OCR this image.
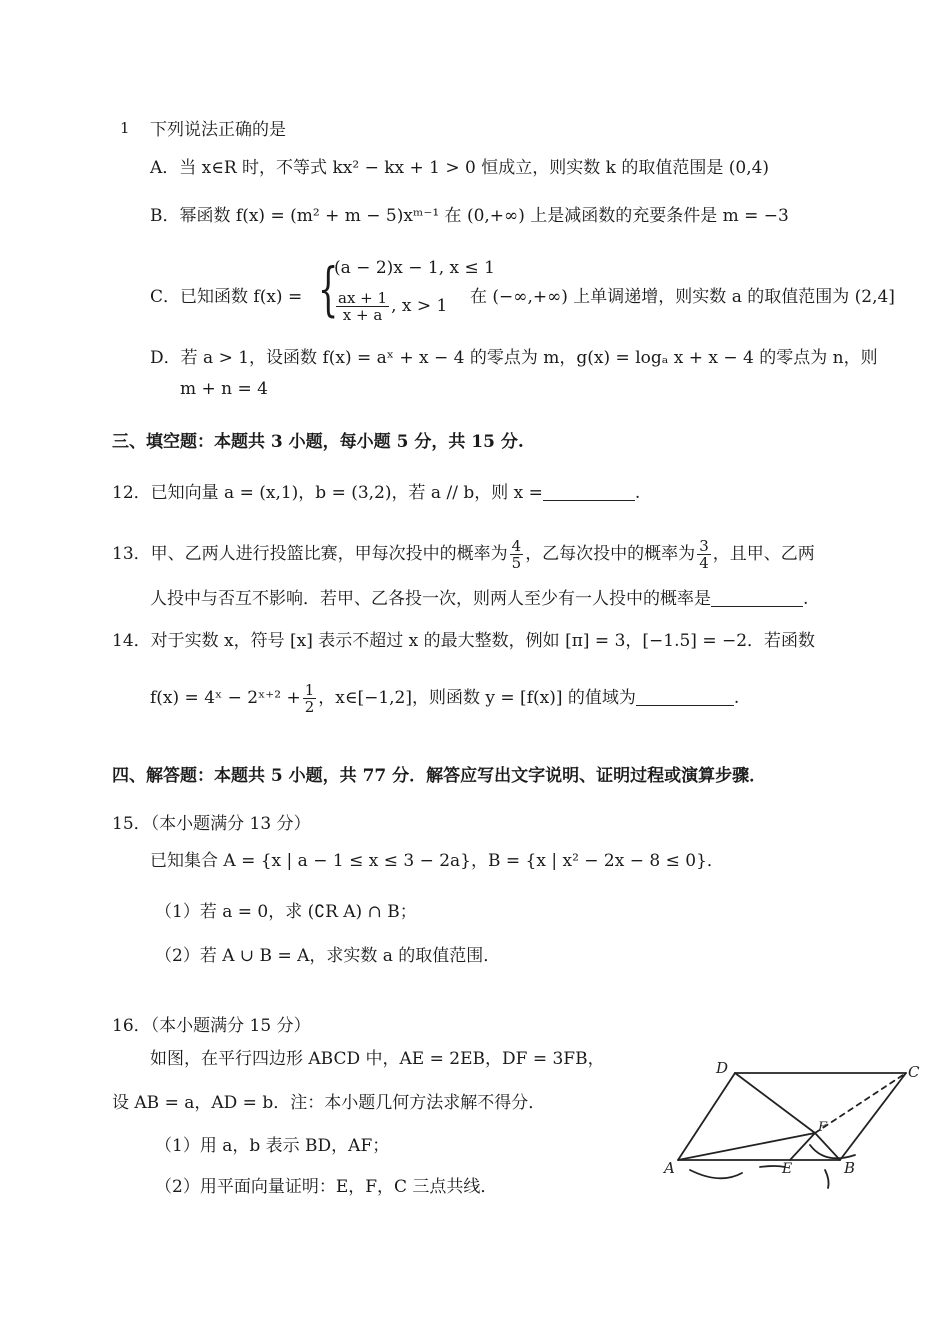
1 下列说法正确的是
A．当 x∈R 时，不等式 kx² − kx + 1 > 0 恒成立，则实数 k 的取值范围是 (0,4)
B．幂函数 f(x) = (m² + m − 5)xᵐ⁻¹ 在 (0,+∞) 上是减函数的充要条件是 m = −3
C．已知函数 f(x) = {
(a − 2)x − 1, x ≤ 1
$\frac{ax + 1}{x + a}$ , x > 1 在 (−∞,+∞) 上单调递增，则实数 a 的取值范围为 (2,4]
D．若 a > 1，设函数 f(x) = aˣ + x − 4 的零点为 m，g(x) = logₐ x + x − 4 的零点为 n，则
m + n = 4
三、填空题：本题共 3 小题，每小题 5 分，共 15 分.
12．已知向量 a = (x,1)，b = (3,2)，若 a // b，则 x =	.
13．甲、乙两人进行投篮比赛，甲每次投中的概率为 $\frac{4}{5}$ ，乙每次投中的概率为 $\frac{3}{4}$ ，且甲、乙两
人投中与否互不影响．若甲、乙各投一次，则两人至少有一人投中的概率是	.
14．对于实数 x，符号 [x] 表示不超过 x 的最大整数，例如 [π] = 3，[−1.5] = −2．若函数
f(x) = 4ˣ − 2ˣ⁺² + $\frac{1}{2}$ ，x∈[−1,2]，则函数 y = [f(x)] 的值域为	.
四、解答题：本题共 5 小题，共 77 分．解答应写出文字说明、证明过程或演算步骤．
15．（本小题满分 13 分）
已知集合 A = {x | a − 1 ≤ x ≤ 3 − 2a}，B = {x | x² − 2x − 8 ≤ 0}．
（1）若 a = 0，求 (∁R A) ∩ B；
（2）若 A ∪ B = A，求实数 a 的取值范围．
16．（本小题满分 15 分）
如图，在平行四边形 ABCD 中，AE = 2EB，DF = 3FB，
设 AB = a，AD = b．注：本小题几何方法求解不得分．
（1）用 a，b 表示 BD，AF；
（2）用平面向量证明：E，F，C 三点共线．
A	B
C
D
E
F
